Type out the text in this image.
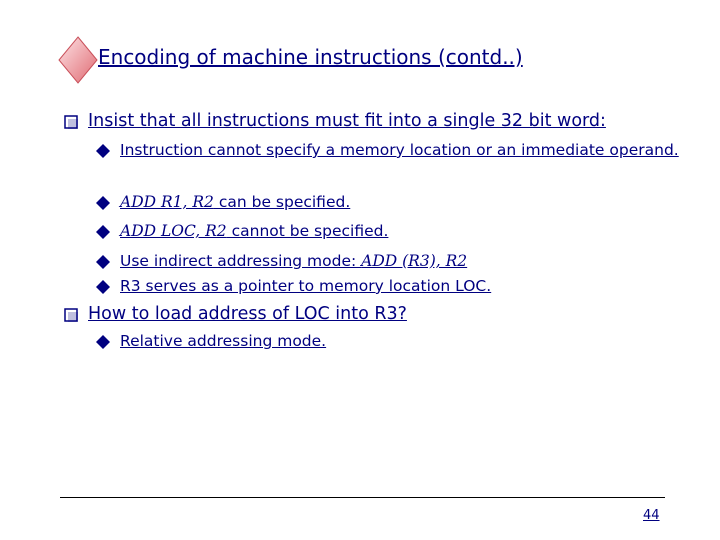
Encoding of machine instructions (contd..)
Insist that all instructions must fit into a single 32 bit word:
Instruction cannot specify a memory location or an immediate operand.
ADD R1, R2 can be specified.
ADD LOC, R2 cannot be specified.
Use indirect addressing mode: ADD (R3), R2
R3 serves as a pointer to memory location LOC.
How to load address of LOC into R3?
Relative addressing mode.
44
